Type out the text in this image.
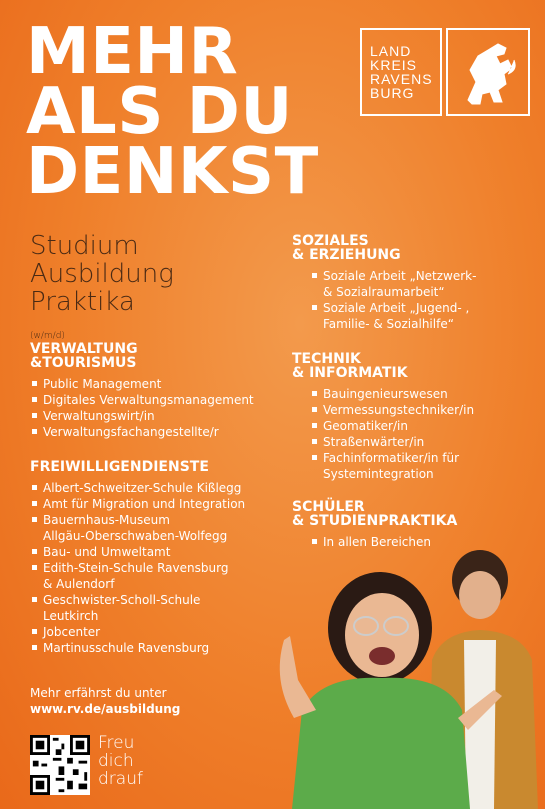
MEHR
ALS DU
DENKST
LAND
KREIS
RAVENS
BURG
Studium
Ausbildung
Praktika
(w/m/d)
VERWALTUNG
&TOURISMUS
Public Management
Digitales Verwaltungsmanagement
Verwaltungswirt/in
Verwaltungsfachangestellte/r
FREIWILLIGENDIENSTE
Albert-Schweitzer-Schule Kißlegg
Amt für Migration und Integration
Bauernhaus-Museum
Allgäu-Oberschwaben-Wolfegg
Bau- und Umweltamt
Edith-Stein-Schule Ravensburg
& Aulendorf
Geschwister-Scholl-Schule
Leutkirch
Jobcenter
Martinusschule Ravensburg
SOZIALES
& ERZIEHUNG
Soziale Arbeit „Netzwerk-
& Sozialraumarbeit“
Soziale Arbeit „Jugend- ,
Familie- & Sozialhilfe“
TECHNIK
& INFORMATIK
Bauingenieurswesen
Vermessungstechniker/in
Geomatiker/in
Straßenwärter/in
Fachinformatiker/in für
Systemintegration
SCHÜLER
& STUDIENPRAKTIKA
In allen Bereichen
Mehr erfährst du unter
www.rv.de/ausbildung
Freu
dich
drauf
